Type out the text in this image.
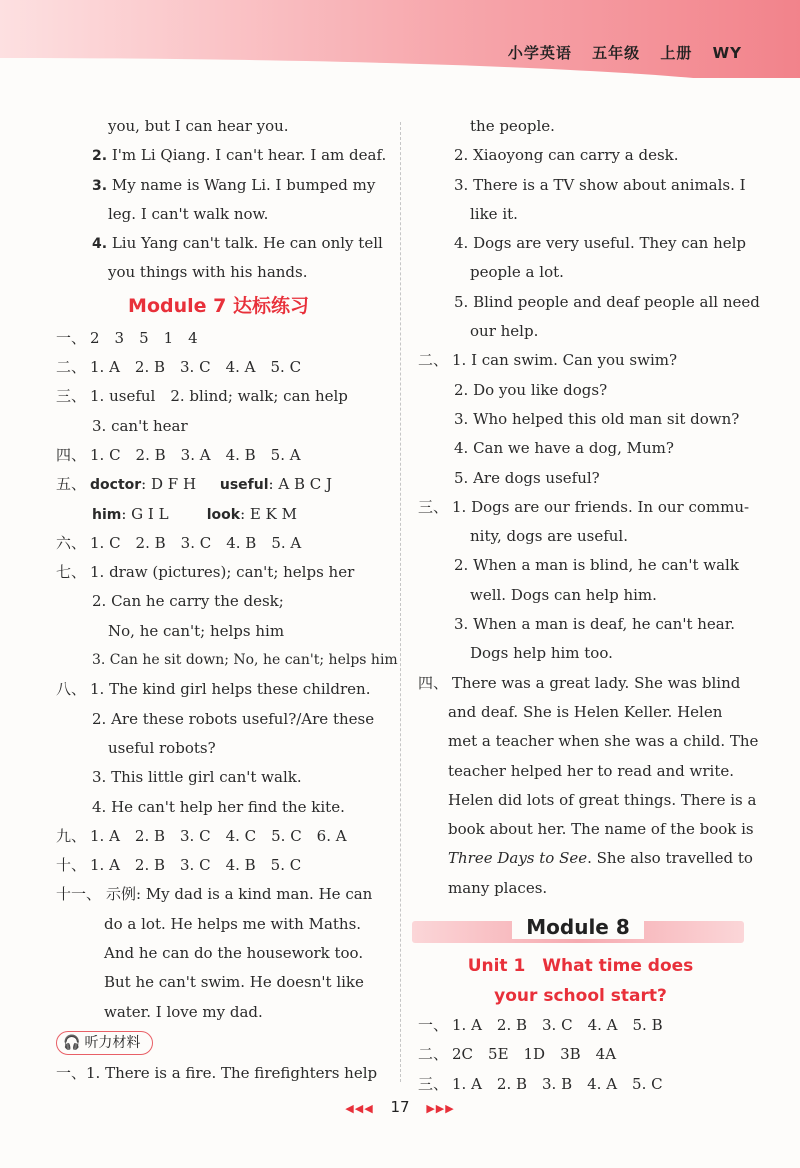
小学英语 五年级 上册 WY
you, but I can hear you.
2. I'm Li Qiang. I can't hear. I am deaf.
3. My name is Wang Li. I bumped my
leg. I can't walk now.
4. Liu Yang can't talk. He can only tell
you things with his hands.
Module 7 达标练习
一、 2　3　5　1　4
二、 1. A　2. B　3. C　4. A　5. C
三、 1. useful　2. blind; walk; can help
3. can't hear
四、 1. C　2. B　3. A　4. B　5. A
五、 doctor: D F H useful: A B C J
him: G I L	look: E K M
六、 1. C　2. B　3. C　4. B　5. A
七、 1. draw (pictures); can't; helps her
2. Can he carry the desk;
No, he can't; helps him
3. Can he sit down; No, he can't; helps him
八、 1. The kind girl helps these children.
2. Are these robots useful?/Are these
useful robots?
3. This little girl can't walk.
4. He can't help her find the kite.
九、 1. A　2. B　3. C　4. C　5. C　6. A
十、 1. A　2. B　3. C　4. B　5. C
十一、 示例: My dad is a kind man. He can
do a lot. He helps me with Maths.
And he can do the housework too.
But he can't swim. He doesn't like
water. I love my dad.
🎧 听力材料
一、1. There is a fire. The firefighters help
the people.
2. Xiaoyong can carry a desk.
3. There is a TV show about animals. I
like it.
4. Dogs are very useful. They can help
people a lot.
5. Blind people and deaf people all need
our help.
二、 1. I can swim. Can you swim?
2. Do you like dogs?
3. Who helped this old man sit down?
4. Can we have a dog, Mum?
5. Are dogs useful?
三、 1. Dogs are our friends. In our commu-
nity, dogs are useful.
2. When a man is blind, he can't walk
well. Dogs can help him.
3. When a man is deaf, he can't hear.
Dogs help him too.
四、 There was a great lady. She was blind
and deaf. She is Helen Keller. Helen
met a teacher when she was a child. The
teacher helped her to read and write.
Helen did lots of great things. There is a
book about her. The name of the book is
Three Days to See. She also travelled to
many places.
Module 8
Unit 1　What time does
your school start?
一、 1. A　2. B　3. C　4. A　5. B
二、 2C　5E　1D　3B　4A
三、 1. A　2. B　3. B　4. A　5. C
◀◀◀ 17 ▶▶▶
